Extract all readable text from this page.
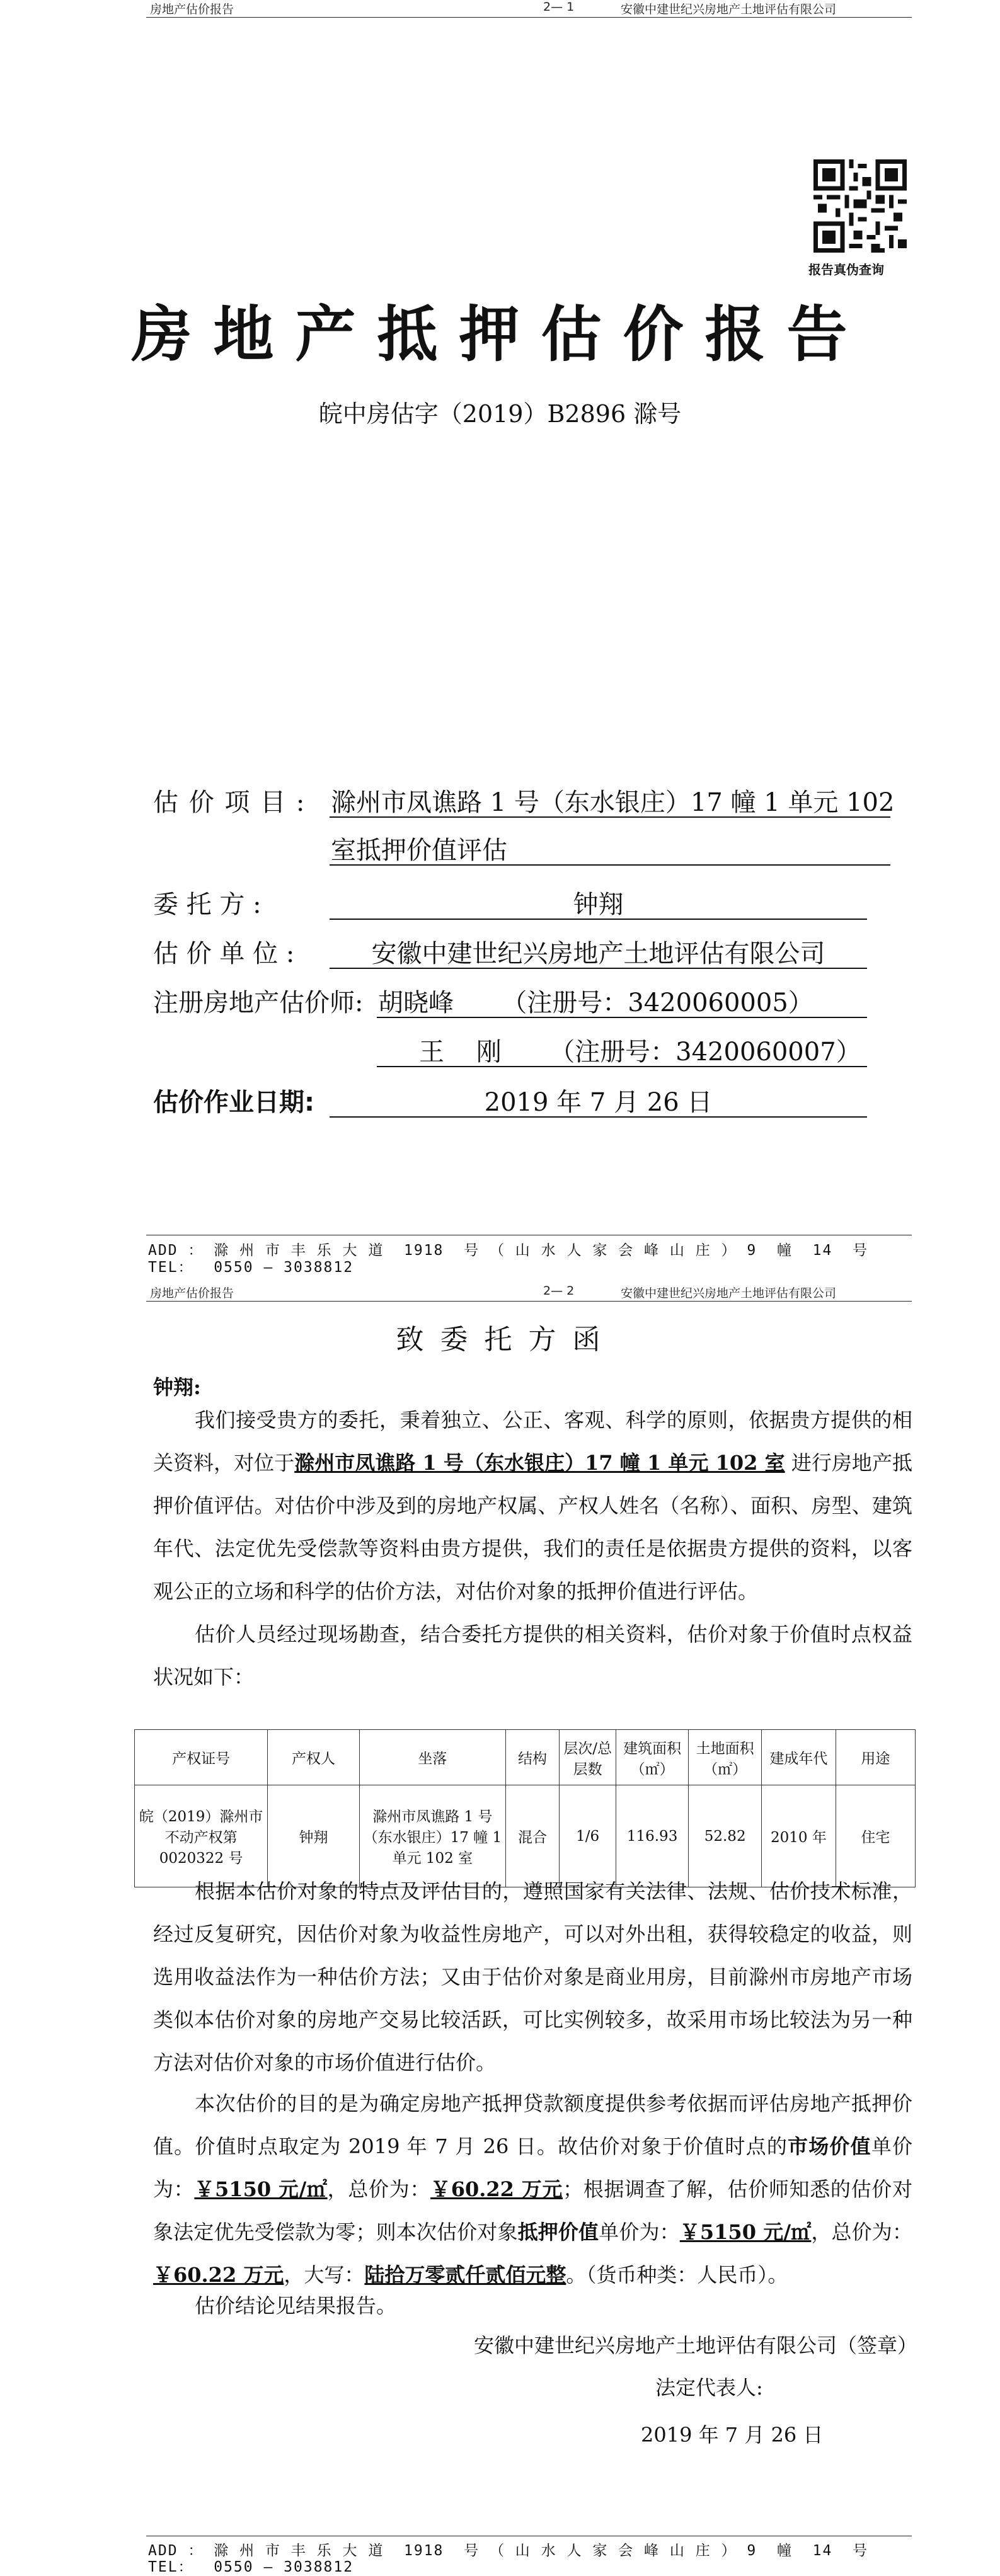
房地产估价报告	2— 1	安徽中建世纪兴房地产土地评估有限公司
报告真伪查询
房地产抵押估价报告
皖中房估字（2019）B2896 滁号
估 价 项 目 : 滁州市凤谯路 1 号（东水银庄）17 幢 1 单元 102
室抵押价值评估
委 托 方 :	钟翔
估 价 单 位 :	安徽中建世纪兴房地产土地评估有限公司
注册房地产估价师: 胡晓峰      （注册号：3420060005）
王    刚      （注册号：3420060007）
估价作业日期:	2019 年 7 月 26 日
ADD ： 滁 州 市 丰 乐 大 道  1918  号 （ 山 水 人 家 会 峰 山 庄 ） 9  幢  14  号
TEL：  0550 — 3038812
房地产估价报告	2— 2	安徽中建世纪兴房地产土地评估有限公司
致 委 托 方 函
钟翔:
我们接受贵方的委托，秉着独立、公正、客观、科学的原则，依据贵方提供的相关资料，对位于滁州市凤谯路 1 号（东水银庄）17 幢 1 单元 102 室 进行房地产抵押价值评估。对估价中涉及到的房地产权属、产权人姓名（名称）、面积、房型、建筑年代、法定优先受偿款等资料由贵方提供，我们的责任是依据贵方提供的资料，以客观公正的立场和科学的估价方法，对估价对象的抵押价值进行评估。
估价人员经过现场勘查，结合委托方提供的相关资料，估价对象于价值时点权益状况如下：
产权证号	产权人	坐落	结构	层次/总层数	建筑面积（㎡）	土地面积（㎡）	建成年代	用途
皖（2019）滁州市不动产权第0020322 号	钟翔	滁州市凤谯路 1 号（东水银庄）17 幢 1 单元 102 室	混合	1/6	116.93	52.82	2010 年	住宅
根据本估价对象的特点及评估目的，遵照国家有关法律、法规、估价技术标准，经过反复研究，因估价对象为收益性房地产，可以对外出租，获得较稳定的收益，则选用收益法作为一种估价方法；又由于估价对象是商业用房，目前滁州市房地产市场类似本估价对象的房地产交易比较活跃，可比实例较多，故采用市场比较法为另一种方法对估价对象的市场价值进行估价。
本次估价的目的是为确定房地产抵押贷款额度提供参考依据而评估房地产抵押价值。价值时点取定为 2019 年 7 月 26 日。故估价对象于价值时点的市场价值单价为：￥5150 元/㎡，总价为：￥60.22 万元；根据调查了解，估价师知悉的估价对象法定优先受偿款为零；则本次估价对象抵押价值单价为：￥5150 元/㎡，总价为：￥60.22 万元，大写：陆拾万零贰仟贰佰元整。（货币种类：人民币）。
估价结论见结果报告。
安徽中建世纪兴房地产土地评估有限公司（签章）
法定代表人:
2019 年 7 月 26 日
ADD ： 滁 州 市 丰 乐 大 道  1918  号 （ 山 水 人 家 会 峰 山 庄 ） 9  幢  14  号
TEL：  0550 — 3038812
